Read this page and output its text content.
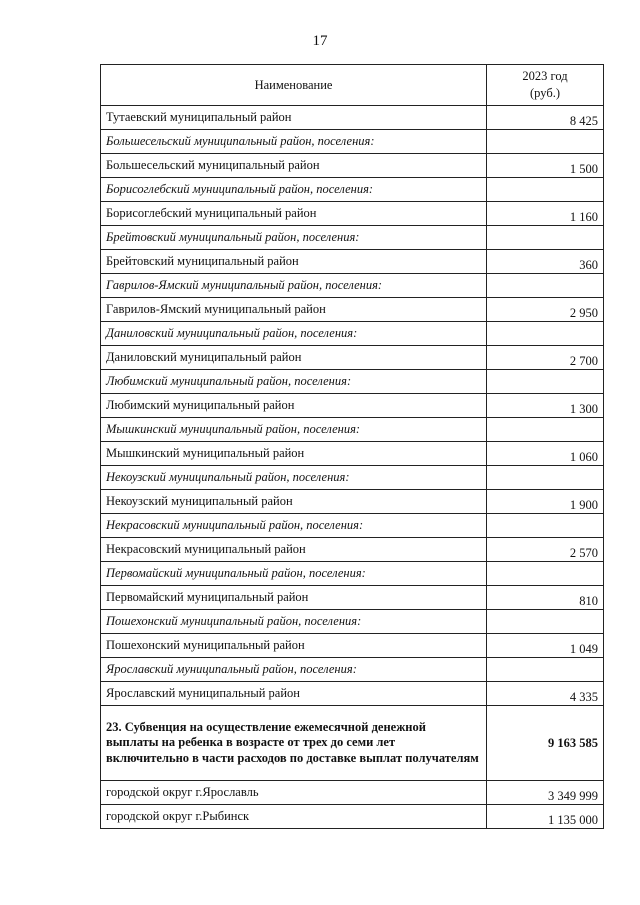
17
Наименование	2023 год
(руб.)
Тутаевский муниципальный район	8 425
Большесельский муниципальный район, поселения:	
Большесельский муниципальный район	1 500
Борисоглебский муниципальный район, поселения:	
Борисоглебский муниципальный район	1 160
Брейтовский муниципальный район, поселения:	
Брейтовский муниципальный район	360
Гаврилов-Ямский муниципальный район, поселения:	
Гаврилов-Ямский муниципальный район	2 950
Даниловский муниципальный район, поселения:	
Даниловский муниципальный район	2 700
Любимский муниципальный район, поселения:	
Любимский муниципальный район	1 300
Мышкинский муниципальный район, поселения:	
Мышкинский муниципальный район	1 060
Некоузский муниципальный район, поселения:	
Некоузский муниципальный район	1 900
Некрасовский муниципальный район, поселения:	
Некрасовский муниципальный район	2 570
Первомайский муниципальный район, поселения:	
Первомайский муниципальный район	810
Пошехонский муниципальный район, поселения:	
Пошехонский муниципальный район	1 049
Ярославский муниципальный район, поселения:	
Ярославский муниципальный район	4 335
23. Субвенция на осуществление ежемесячной денежной выплаты на ребенка в возрасте от трех до семи лет включительно в части расходов по доставке выплат получателям	9 163 585
городской округ г.Ярославль	3 349 999
городской округ г.Рыбинск	1 135 000
